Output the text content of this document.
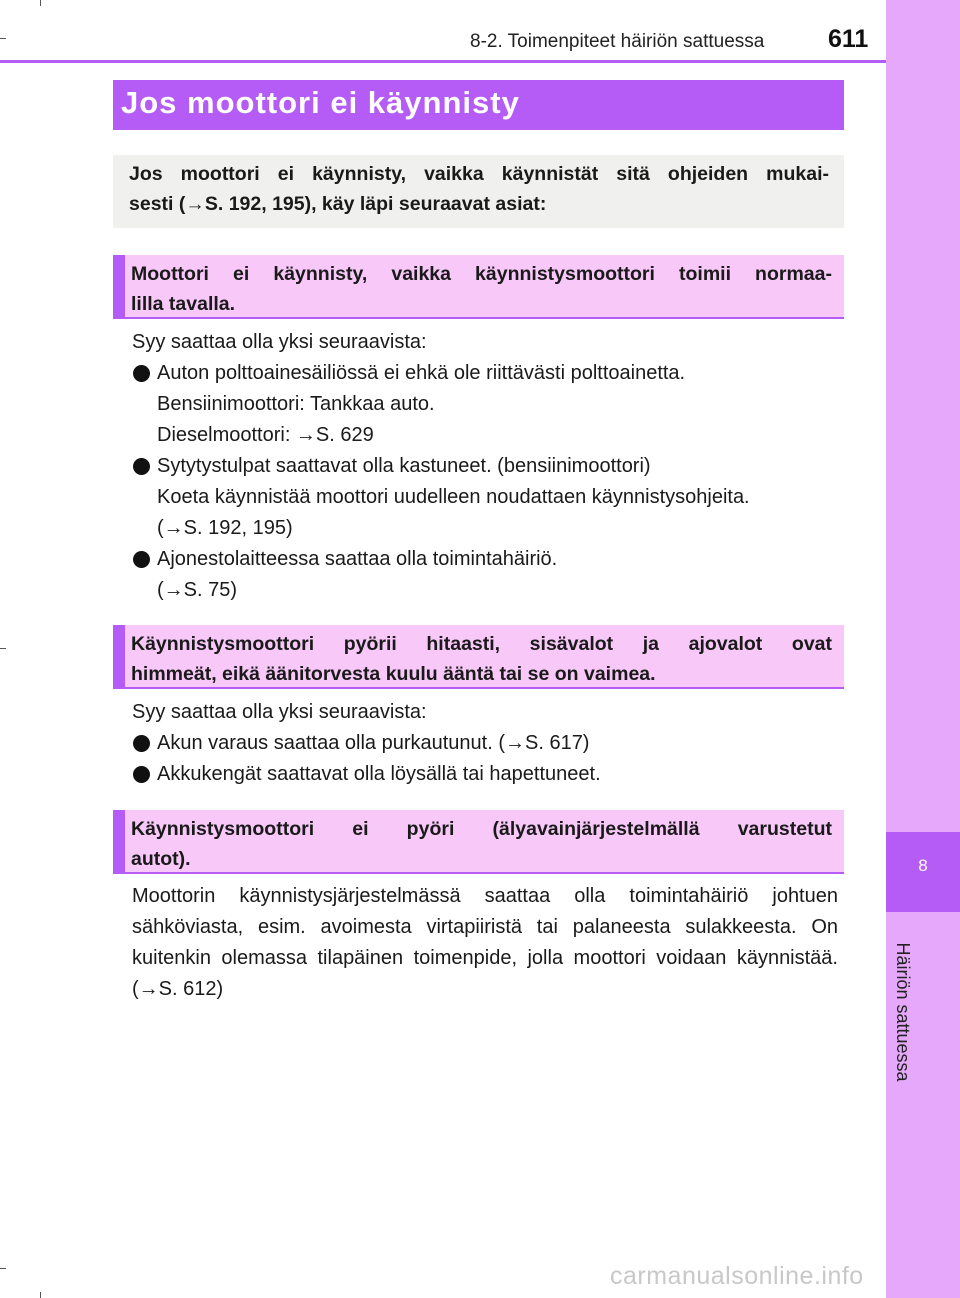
8-2. Toimenpiteet häiriön sattuessa	611
8
Häiriön sattuessa
Jos moottori ei käynnisty
Jos moottori ei käynnisty, vaikka käynnistät sitä ohjeiden mukai-
sesti (→S. 192, 195), käy läpi seuraavat asiat:
Moottori ei käynnisty, vaikka käynnistysmoottori toimii normaa-
lilla tavalla.

Syy saattaa olla yksi seuraavista:

Auton polttoainesäiliössä ei ehkä ole riittävästi polttoainetta.
Bensiinimoottori: Tankkaa auto.
Dieselmoottori: →S. 629
Sytytystulpat saattavat olla kastuneet. (bensiinimoottori)
Koeta käynnistää moottori uudelleen noudattaen käynnistysohjeita.
(→S. 192, 195)
Ajonestolaitteessa saattaa olla toimintahäiriö.
(→S. 75)
Käynnistysmoottori pyörii hitaasti, sisävalot ja ajovalot ovat
himmeät, eikä äänitorvesta kuulu ääntä tai se on vaimea.

Syy saattaa olla yksi seuraavista:

Akun varaus saattaa olla purkautunut. (→S. 617)
Akkukengät saattavat olla löysällä tai hapettuneet.
Käynnistysmoottori ei pyöri (älyavainjärjestelmällä varustetut
autot).

Moottorin käynnistysjärjestelmässä saattaa olla toimintahäiriö johtuen sähköviasta, esim. avoimesta virtapiiristä tai palaneesta sulakkeesta. On kuitenkin olemassa tilapäinen toimenpide, jolla moottori voidaan käynnistää. (→S. 612)

carmanualsonline.info
